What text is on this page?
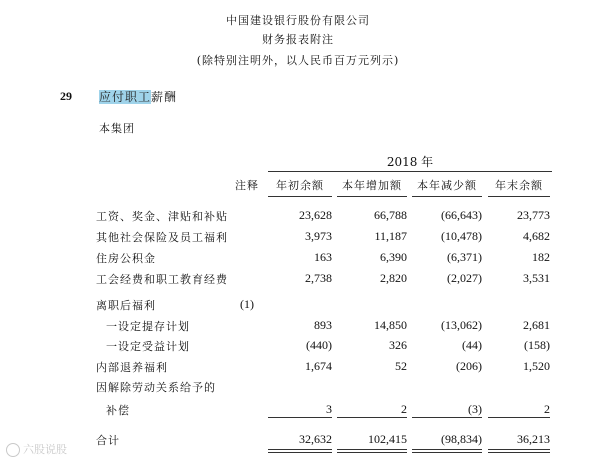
中国建设银行股份有限公司
财务报表附注
(除特别注明外，以人民币百万元列示)
29 应付职工薪酬
本集团
2018 年
注释	年初余额	本年增加额	本年减少额	年末余额
工资、奖金、津贴和补贴	23,628	66,788	(66,643)	23,773
其他社会保险及员工福利	3,973	11,187	(10,478)	4,682
住房公积金	163	6,390	(6,371)	182
工会经费和职工教育经费	2,738	2,820	(2,027)	3,531
离职后福利	(1)
一设定提存计划	893	14,850	(13,062)	2,681
一设定受益计划	(440)	326	(44)	(158)
内部退养福利	1,674	52	(206)	1,520
因解除劳动关系给予的
补偿	3	2	(3)	2
合计	32,632	102,415	(98,834)	36,213
六股说股
